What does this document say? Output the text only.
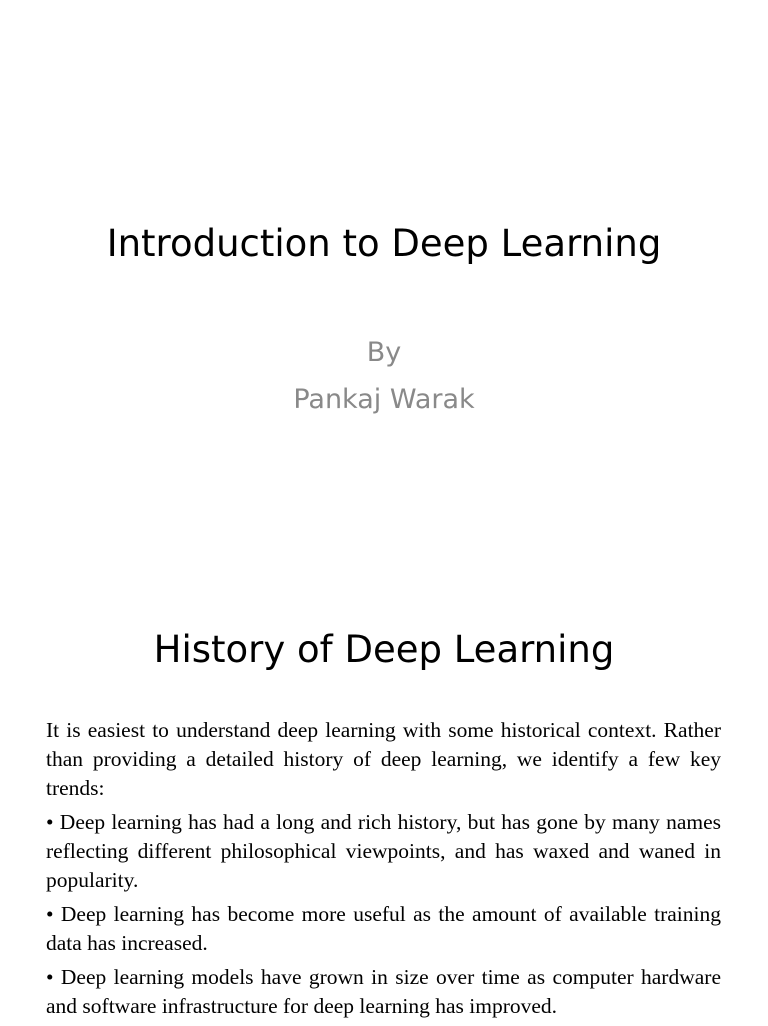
Introduction to Deep Learning
By
Pankaj Warak
History of Deep Learning

It is easiest to understand deep learning with some historical context. Rather than providing a detailed history of deep learning, we identify a few key trends:

• Deep learning has had a long and rich history, but has gone by many names reflecting different philosophical viewpoints, and has waxed and waned in popularity.

• Deep learning has become more useful as the amount of available training data has increased.

• Deep learning models have grown in size over time as computer hardware and software infrastructure for deep learning has improved.
